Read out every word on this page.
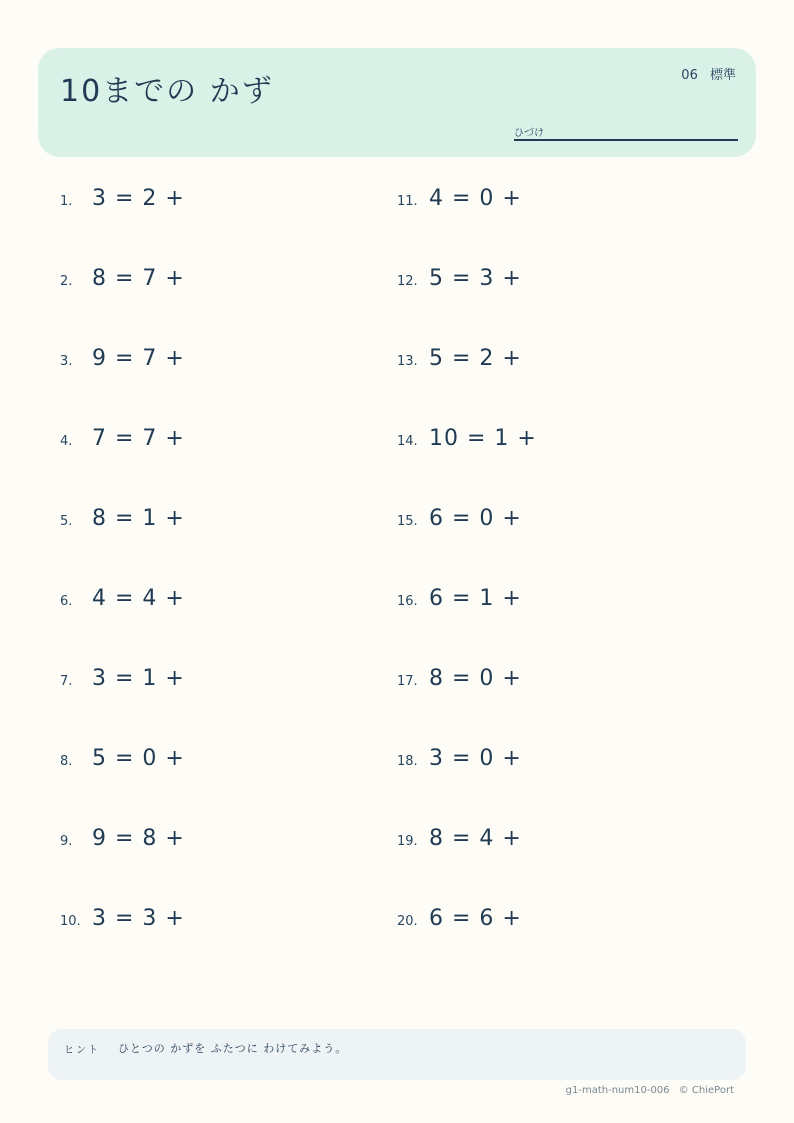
10までの かず	06 標準
ひづけ
1. 3 = 2 +
2. 8 = 7 +
3. 9 = 7 +
4. 7 = 7 +
5. 8 = 1 +
6. 4 = 4 +
7. 3 = 1 +
8. 5 = 0 +
9. 9 = 8 +
10. 3 = 3 +
11. 4 = 0 +
12. 5 = 3 +
13. 5 = 2 +
14. 10 = 1 +
15. 6 = 0 +
16. 6 = 1 +
17. 8 = 0 +
18. 3 = 0 +
19. 8 = 4 +
20. 6 = 6 +
ヒント ひとつの かずを ふたつに わけてみよう。
g1-math-num10-006 © ChiePort
